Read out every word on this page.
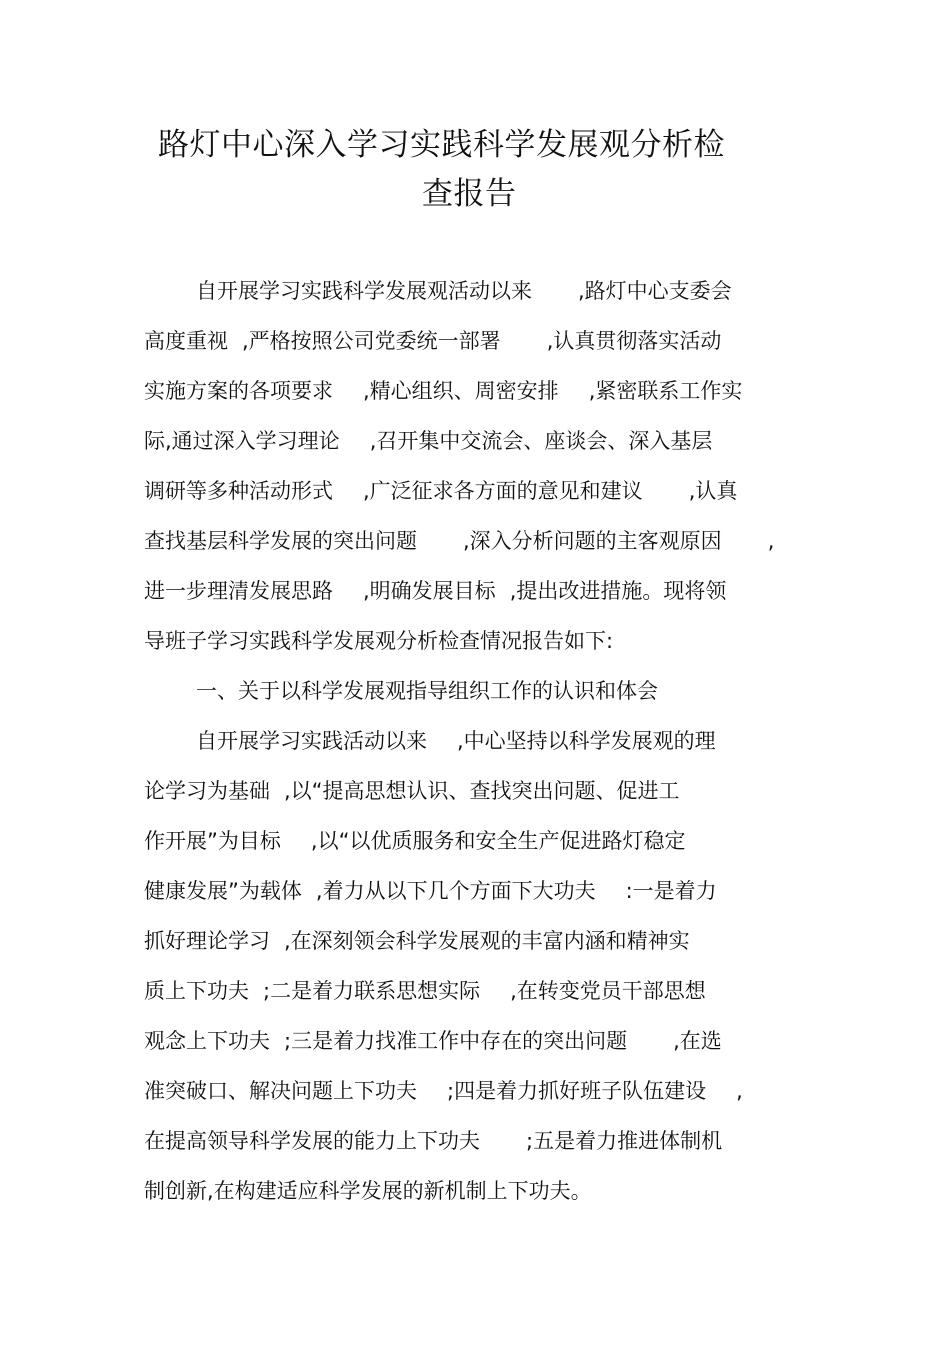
路灯中心深入学习实践科学发展观分析检
查报告
自开展学习实践科学发展观活动以来 ,路灯中心支委会
高度重视 ,严格按照公司党委统一部署 ,认真贯彻落实活动
实施方案的各项要求 ,精心组织、周密安排 ,紧密联系工作实
际,通过深入学习理论 ,召开集中交流会、座谈会、深入基层
调研等多种活动形式 ,广泛征求各方面的意见和建议 ,认真
查找基层科学发展的突出问题 ,深入分析问题的主客观原因 ,
进一步理清发展思路 ,明确发展目标 ,提出改进措施。现将领
导班子学习实践科学发展观分析检查情况报告如下:
一、关于以科学发展观指导组织工作的认识和体会
自开展学习实践活动以来 ,中心坚持以科学发展观的理
论学习为基础 ,以“提高思想认识、查找突出问题、促进工
作开展”为目标 ,以“以优质服务和安全生产促进路灯稳定
健康发展”为载体 ,着力从以下几个方面下大功夫 :一是着力
抓好理论学习 ,在深刻领会科学发展观的丰富内涵和精神实
质上下功夫 ;二是着力联系思想实际 ,在转变党员干部思想
观念上下功夫 ;三是着力找准工作中存在的突出问题 ,在选
准突破口、解决问题上下功夫 ;四是着力抓好班子队伍建设 ,
在提高领导科学发展的能力上下功夫 ;五是着力推进体制机
制创新,在构建适应科学发展的新机制上下功夫。
